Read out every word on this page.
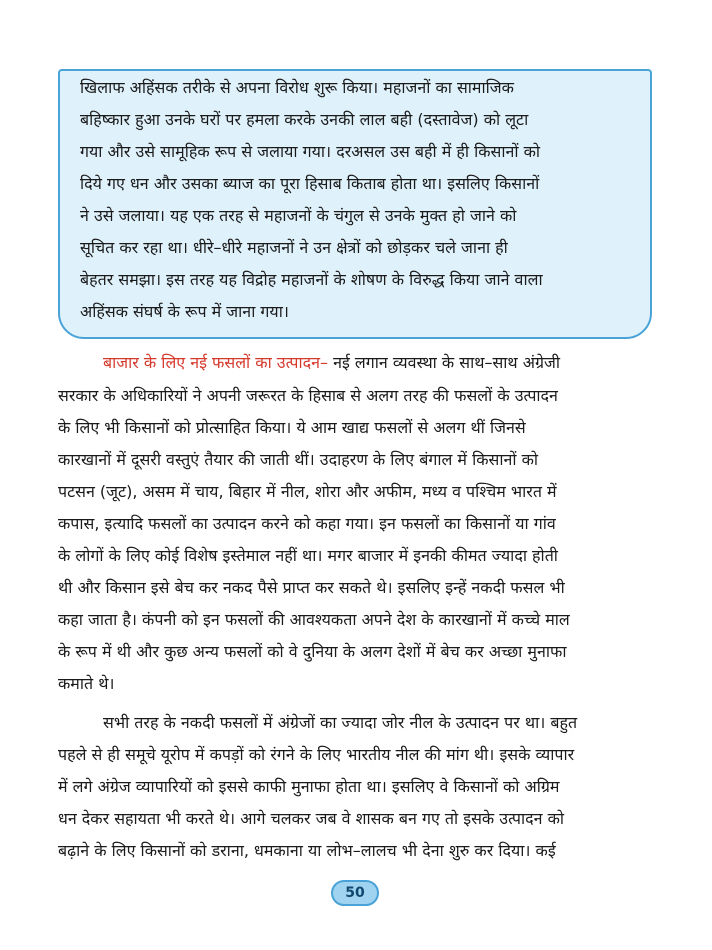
खिलाफ अहिंसक तरीके से अपना विरोध शुरू किया। महाजनों का सामाजिक
बहिष्कार हुआ उनके घरों पर हमला करके उनकी लाल बही (दस्तावेज) को लूटा
गया और उसे सामूहिक रूप से जलाया गया। दरअसल उस बही में ही किसानों को
दिये गए धन और उसका ब्याज का पूरा हिसाब किताब होता था। इसलिए किसानों
ने उसे जलाया। यह एक तरह से महाजनों के चंगुल से उनके मुक्त हो जाने को
सूचित कर रहा था। धीरे–धीरे महाजनों ने उन क्षेत्रों को छोड़कर चले जाना ही
बेहतर समझा। इस तरह यह विद्रोह महाजनों के शोषण के विरुद्ध किया जाने वाला
अहिंसक संघर्ष के रूप में जाना गया।
बाजार के लिए नई फसलों का उत्पादन– नई लगान व्यवस्था के साथ–साथ अंग्रेजी
सरकार के अधिकारियों ने अपनी जरूरत के हिसाब से अलग तरह की फसलों के उत्पादन
के लिए भी किसानों को प्रोत्साहित किया। ये आम खाद्य फसलों से अलग थीं जिनसे
कारखानों में दूसरी वस्तुएं तैयार की जाती थीं। उदाहरण के लिए बंगाल में किसानों को
पटसन (जूट), असम में चाय, बिहार में नील, शोरा और अफीम, मध्य व पश्चिम भारत में
कपास, इत्यादि फसलों का उत्पादन करने को कहा गया। इन फसलों का किसानों या गांव
के लोगों के लिए कोई विशेष इस्तेमाल नहीं था। मगर बाजार में इनकी कीमत ज्यादा होती
थी और किसान इसे बेच कर नकद पैसे प्राप्त कर सकते थे। इसलिए इन्हें नकदी फसल भी
कहा जाता है। कंपनी को इन फसलों की आवश्यकता अपने देश के कारखानों में कच्चे माल
के रूप में थी और कुछ अन्य फसलों को वे दुनिया के अलग देशों में बेच कर अच्छा मुनाफा
कमाते थे।
सभी तरह के नकदी फसलों में अंग्रेजों का ज्यादा जोर नील के उत्पादन पर था। बहुत
पहले से ही समूचे यूरोप में कपड़ों को रंगने के लिए भारतीय नील की मांग थी। इसके व्यापार
में लगे अंग्रेज व्यापारियों को इससे काफी मुनाफा होता था। इसलिए वे किसानों को अग्रिम
धन देकर सहायता भी करते थे। आगे चलकर जब वे शासक बन गए तो इसके उत्पादन को
बढ़ाने के लिए किसानों को डराना, धमकाना या लोभ–लालच भी देना शुरु कर दिया। कई
50
